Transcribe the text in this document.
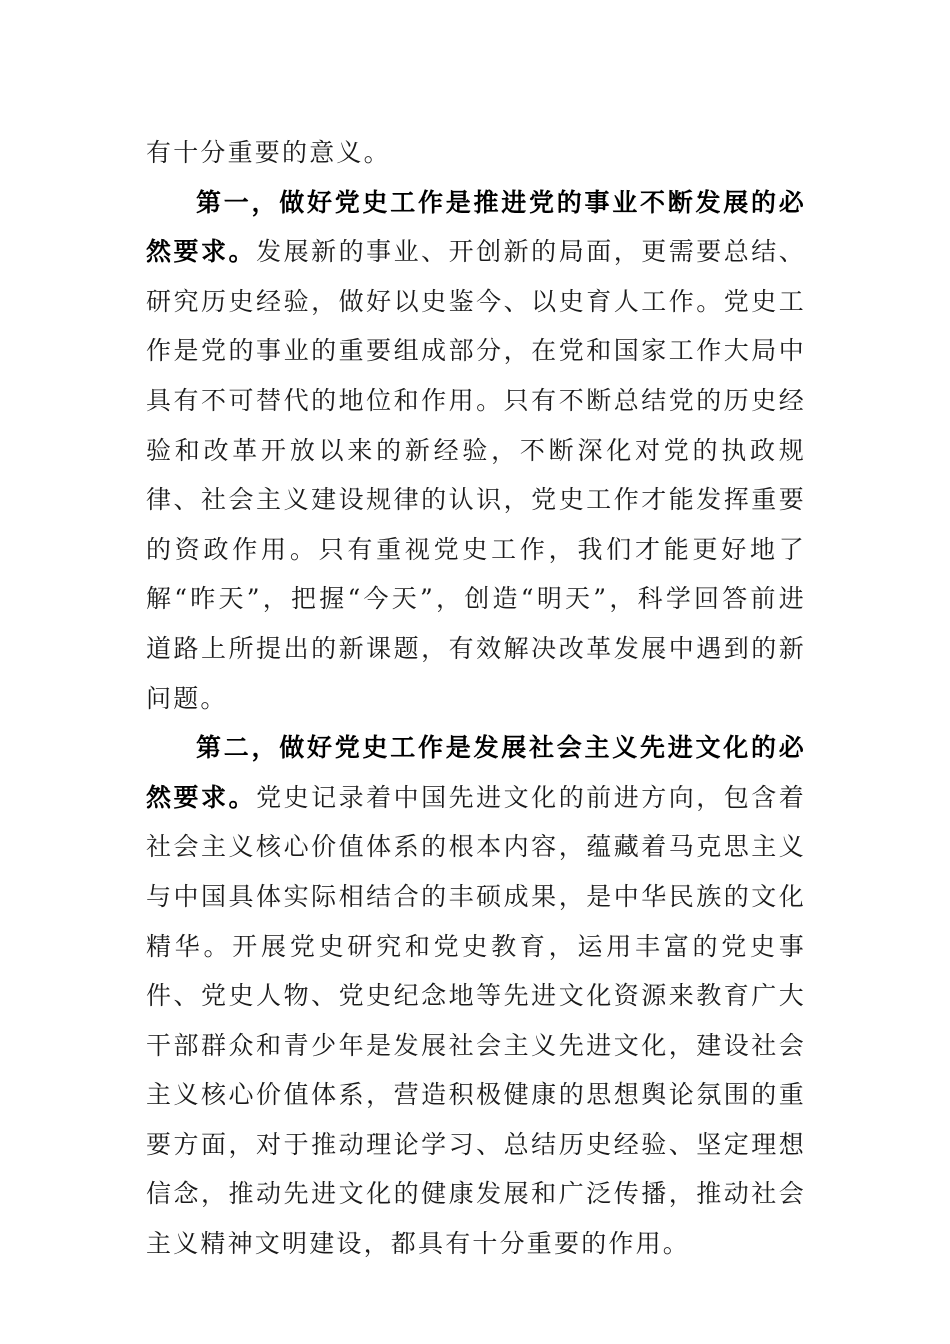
有十分重要的意义。

第一，做好党史工作是推进党的事业不断发展的必然要求。发展新的事业、开创新的局面，更需要总结、研究历史经验，做好以史鉴今、以史育人工作。党史工作是党的事业的重要组成部分，在党和国家工作大局中具有不可替代的地位和作用。只有不断总结党的历史经验和改革开放以来的新经验，不断深化对党的执政规律、社会主义建设规律的认识，党史工作才能发挥重要的资政作用。只有重视党史工作，我们才能更好地了解“昨天”，把握“今天”，创造“明天”，科学回答前进道路上所提出的新课题，有效解决改革发展中遇到的新问题。

第二，做好党史工作是发展社会主义先进文化的必然要求。党史记录着中国先进文化的前进方向，包含着社会主义核心价值体系的根本内容，蕴藏着马克思主义与中国具体实际相结合的丰硕成果，是中华民族的文化精华。开展党史研究和党史教育，运用丰富的党史事件、党史人物、党史纪念地等先进文化资源来教育广大干部群众和青少年是发展社会主义先进文化，建设社会主义核心价值体系，营造积极健康的思想舆论氛围的重要方面，对于推动理论学习、总结历史经验、坚定理想信念，推动先进文化的健康发展和广泛传播，推动社会主义精神文明建设，都具有十分重要的作用。
